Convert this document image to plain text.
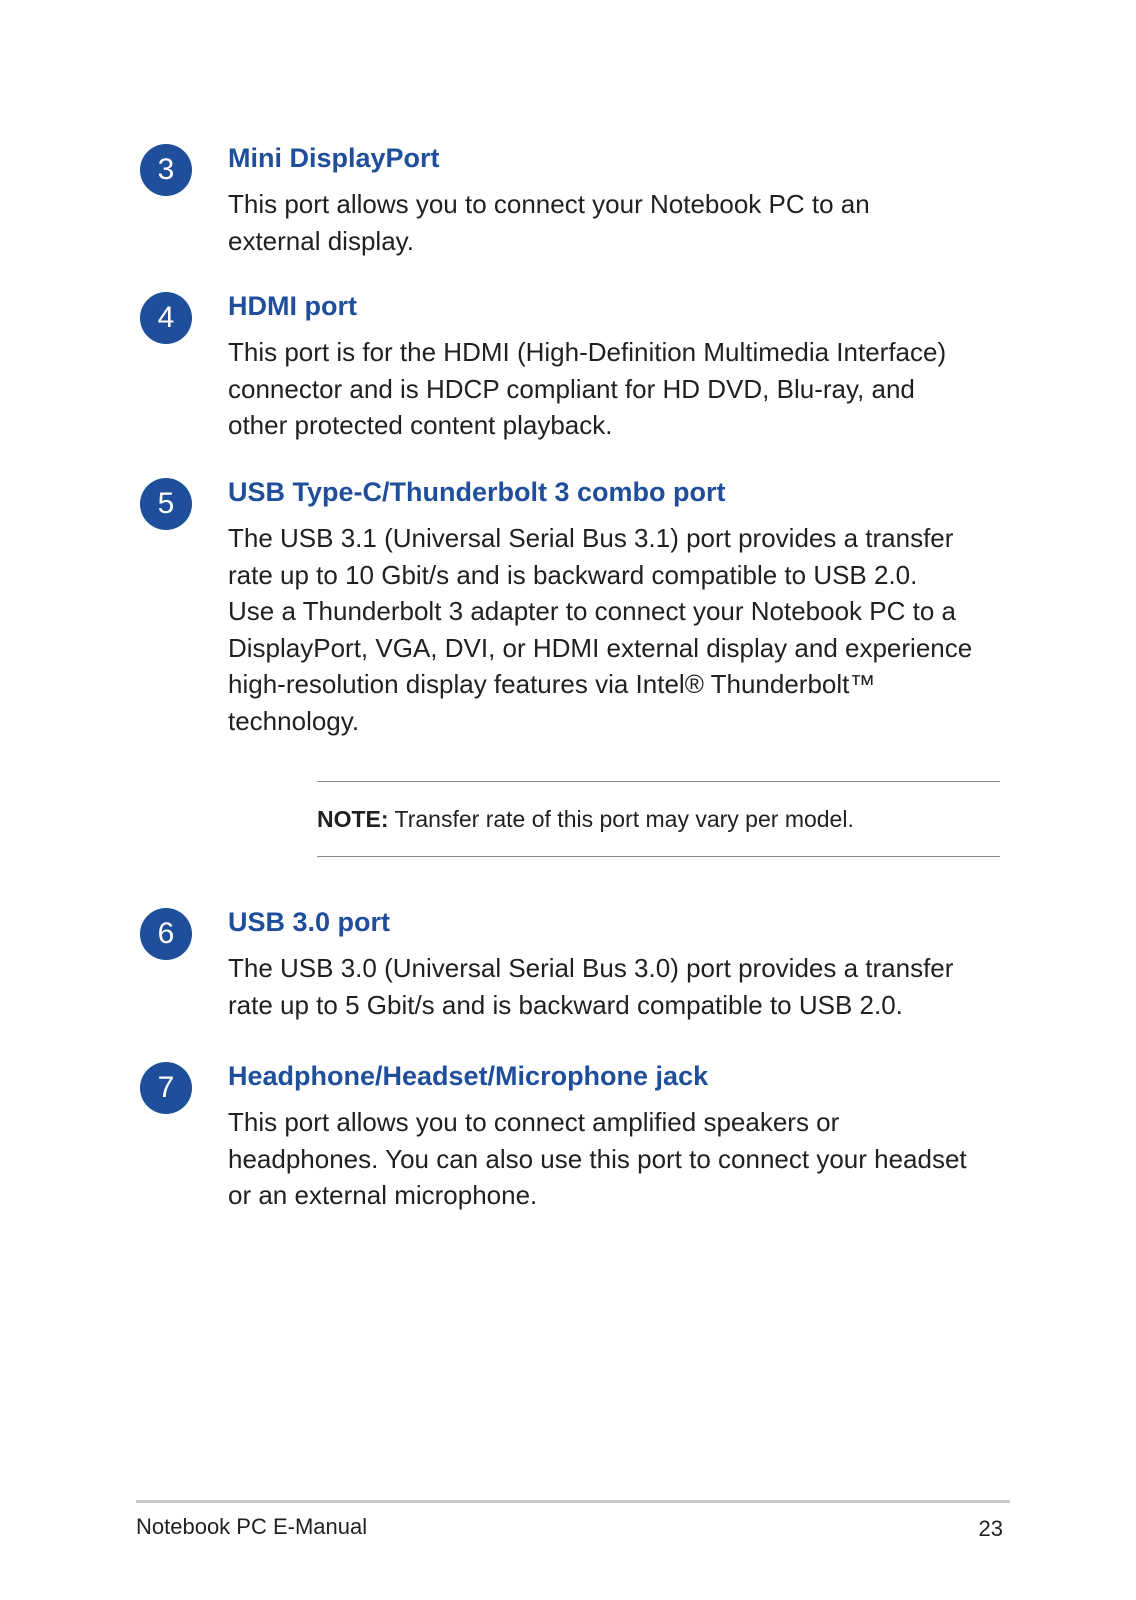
3	Mini DisplayPort

This port allows you to connect your Notebook PC to an
external display.

4	HDMI port

This port is for the HDMI (High-Definition Multimedia Interface)
connector and is HDCP compliant for HD DVD, Blu-ray, and
other protected content playback.

5	USB Type-C/Thunderbolt 3 combo port

The USB 3.1 (Universal Serial Bus 3.1) port provides a transfer
rate up to 10 Gbit/s and is backward compatible to USB 2.0.
Use a Thunderbolt 3 adapter to connect your Notebook PC to a
DisplayPort, VGA, DVI, or HDMI external display and experience
high-resolution display features via Intel® Thunderbolt™
technology.

NOTE: Transfer rate of this port may vary per model.
6	USB 3.0 port

The USB 3.0 (Universal Serial Bus 3.0) port provides a transfer
rate up to 5 Gbit/s and is backward compatible to USB 2.0.

7	Headphone/Headset/Microphone jack

This port allows you to connect amplified speakers or
headphones. You can also use this port to connect your headset
or an external microphone.

Notebook PC E-Manual	23
